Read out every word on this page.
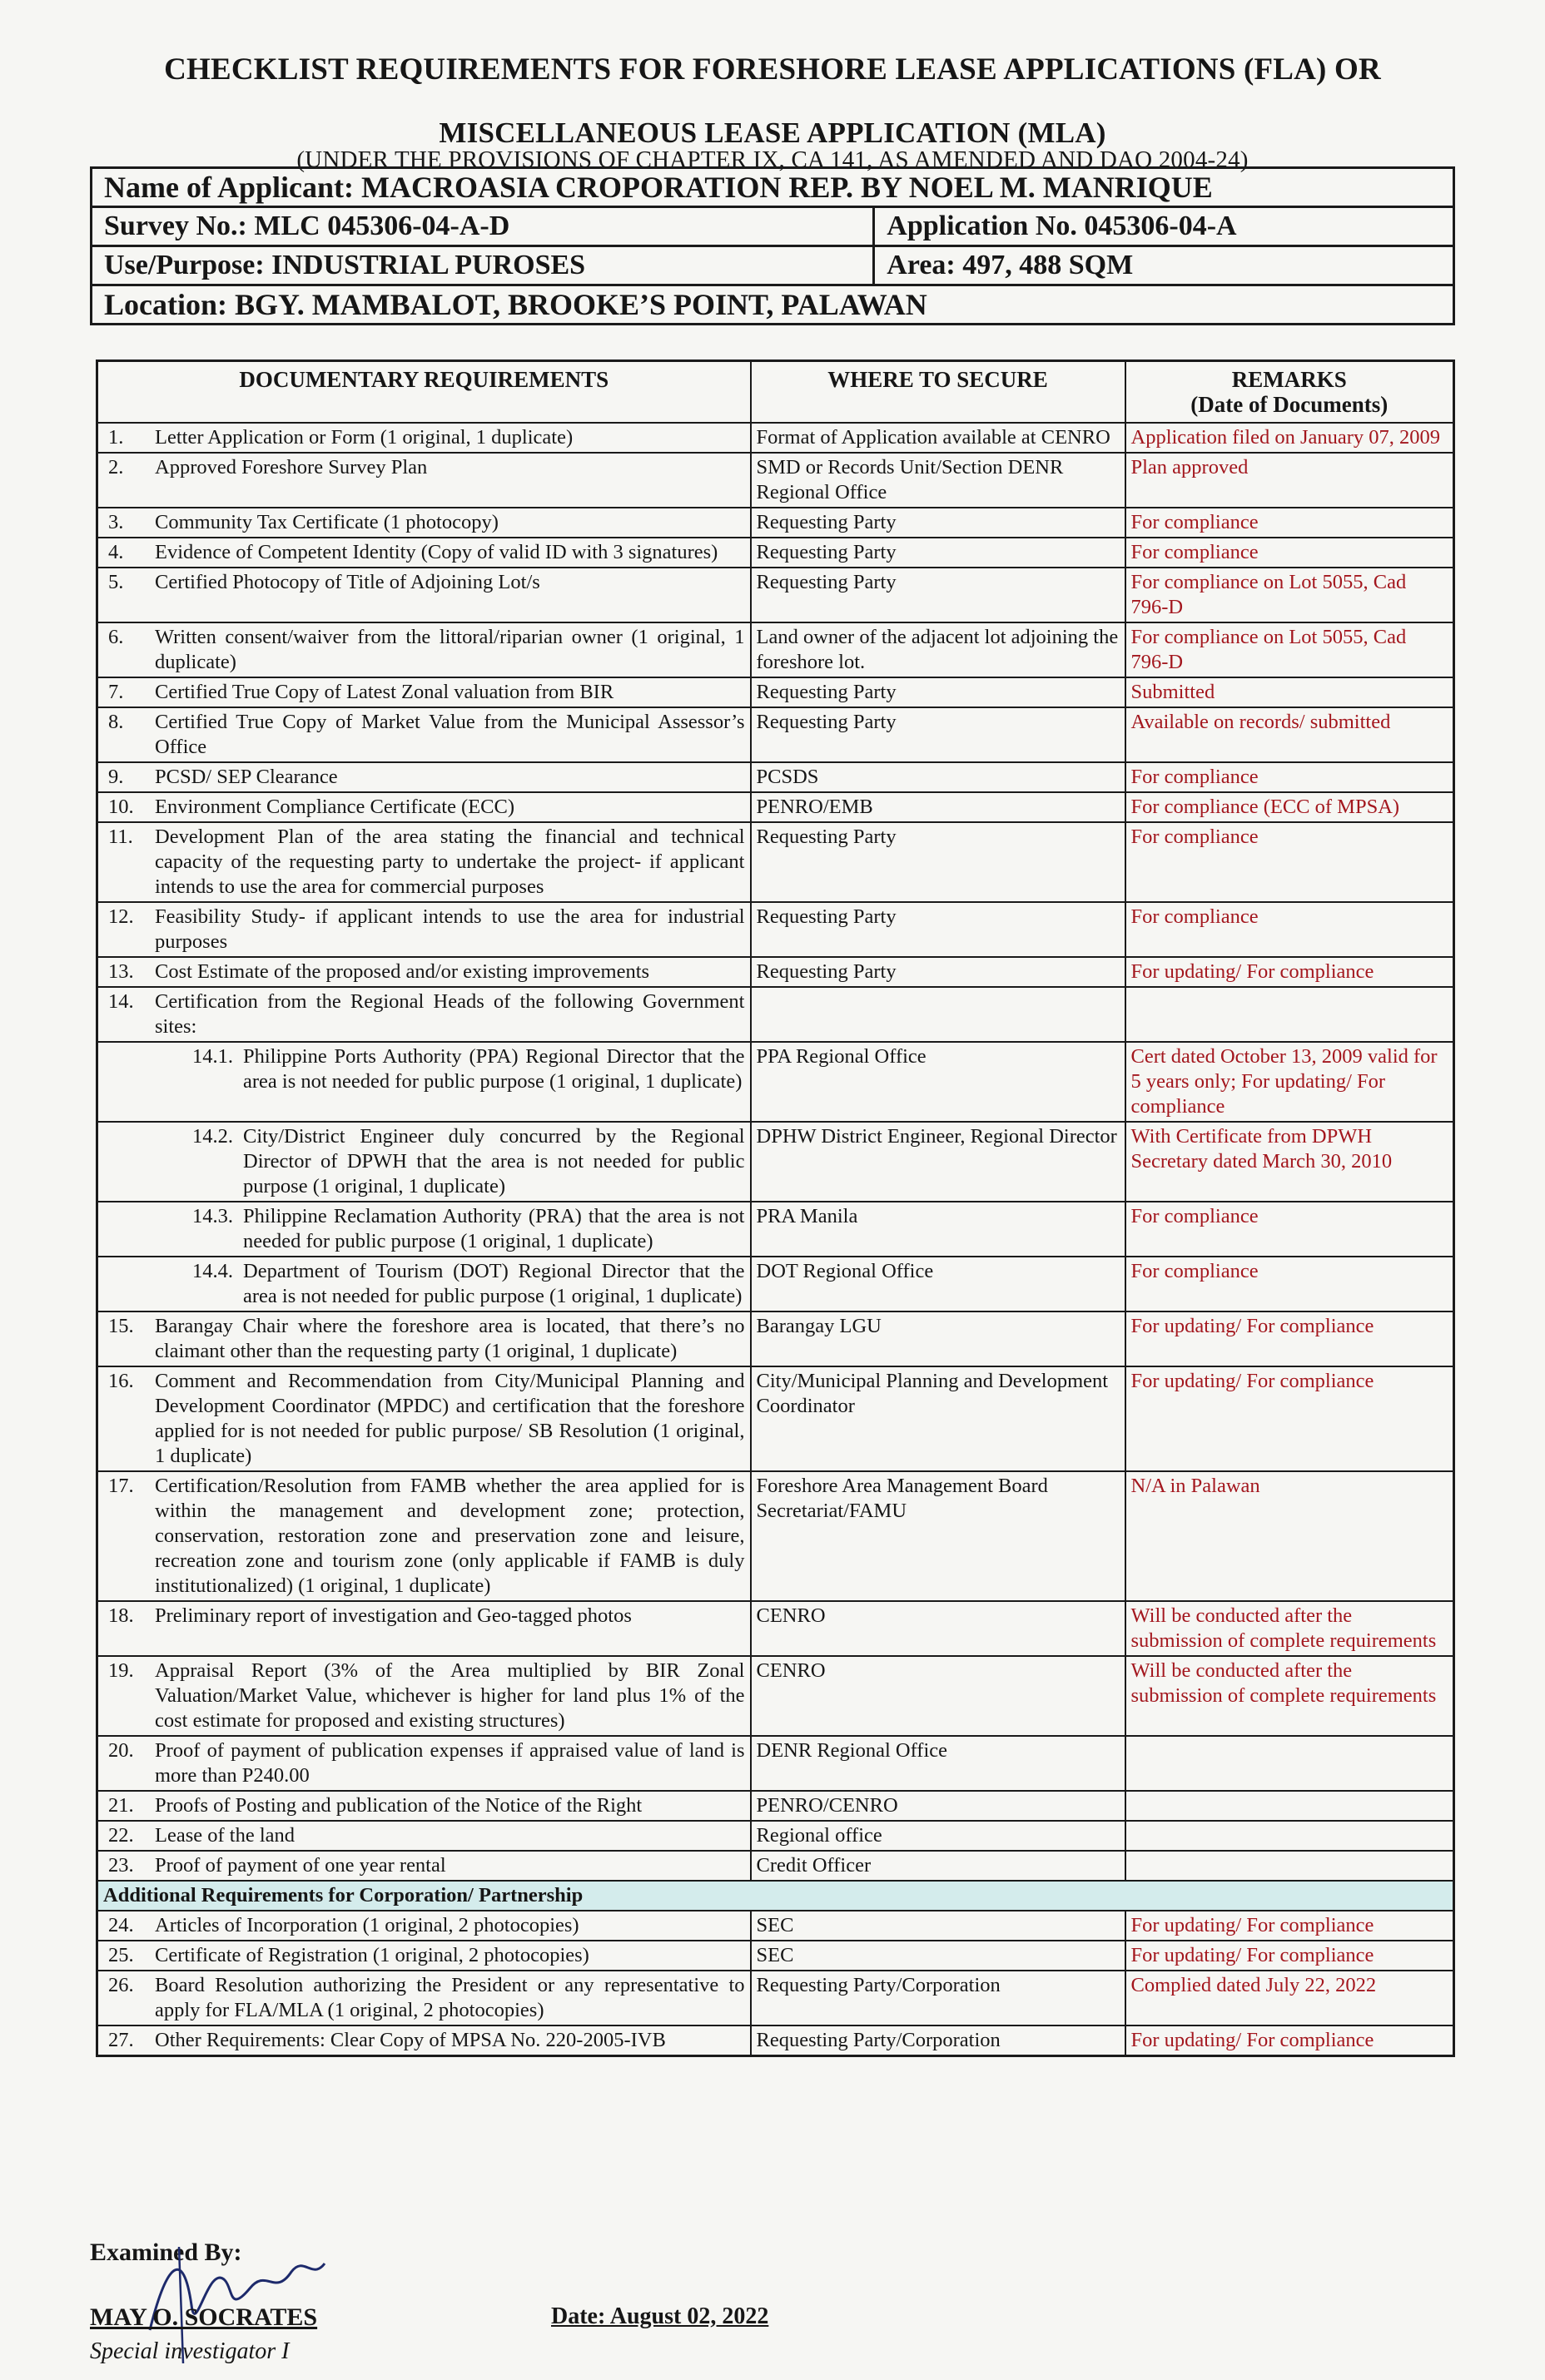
CHECKLIST REQUIREMENTS FOR FORESHORE LEASE APPLICATIONS (FLA) OR
MISCELLANEOUS LEASE APPLICATION (MLA)
(UNDER THE PROVISIONS OF CHAPTER IX, CA 141, AS AMENDED AND DAO 2004-24)
Name of Applicant: MACROASIA CROPORATION REP. BY NOEL M. MANRIQUE	
Survey No.: MLC 045306-04-A-D	Application No. 045306-04-A
Use/Purpose: INDUSTRIAL PUROSES	Area: 497, 488 SQM
Location: BGY. MAMBALOT, BROOKE’S POINT, PALAWAN	
DOCUMENTARY REQUIREMENTS	WHERE TO SECURE	REMARKS
(Date of Documents)

1. Letter Application or Form (1 original, 1 duplicate)	Format of Application available at CENRO	Application filed on January 07, 2009

2. Approved Foreshore Survey Plan	SMD or Records Unit/Section DENR Regional Office	Plan approved

3. Community Tax Certificate (1 photocopy)	Requesting Party	For compliance

4. Evidence of Competent Identity (Copy of valid ID with 3 signatures)	Requesting Party	For compliance

5. Certified Photocopy of Title of Adjoining Lot/s	Requesting Party	For compliance on Lot 5055, Cad 796-D

6. Written consent/waiver from the littoral/riparian owner (1 original, 1 duplicate)	Land owner of the adjacent lot adjoining the foreshore lot.	For compliance on Lot 5055, Cad 796-D

7. Certified True Copy of Latest Zonal valuation from BIR	Requesting Party	Submitted

8. Certified True Copy of Market Value from the Municipal Assessor’s Office	Requesting Party	Available on records/ submitted

9. PCSD/ SEP Clearance	PCSDS	For compliance

10. Environment Compliance Certificate (ECC)	PENRO/EMB	For compliance (ECC of MPSA)

11. Development Plan of the area stating the financial and technical capacity of the requesting party to undertake the project- if applicant intends to use the area for commercial purposes	Requesting Party	For compliance

12. Feasibility Study- if applicant intends to use the area for industrial purposes	Requesting Party	For compliance

13. Cost Estimate of the proposed and/or existing improvements	Requesting Party	For updating/ For compliance

14. Certification from the Regional Heads of the following Government sites:		

14.1. Philippine Ports Authority (PPA) Regional Director that the area is not needed for public purpose (1 original, 1 duplicate)	PPA Regional Office	Cert dated October 13, 2009 valid for 5 years only; For updating/ For compliance

14.2. City/District Engineer duly concurred by the Regional Director of DPWH that the area is not needed for public purpose (1 original, 1 duplicate)	DPHW District Engineer, Regional Director	With Certificate from DPWH Secretary dated March 30, 2010

14.3. Philippine Reclamation Authority (PRA) that the area is not needed for public purpose (1 original, 1 duplicate)	PRA Manila	For compliance

14.4. Department of Tourism (DOT) Regional Director that the area is not needed for public purpose (1 original, 1 duplicate)	DOT Regional Office	For compliance

15. Barangay Chair where the foreshore area is located, that there’s no claimant other than the requesting party (1 original, 1 duplicate)	Barangay LGU	For updating/ For compliance

16. Comment and Recommendation from City/Municipal Planning and Development Coordinator (MPDC) and certification that the foreshore applied for is not needed for public purpose/ SB Resolution (1 original, 1 duplicate)	City/Municipal Planning and Development Coordinator	For updating/ For compliance

17. Certification/Resolution from FAMB whether the area applied for is within the management and development zone; protection, conservation, restoration zone and preservation zone and leisure, recreation zone and tourism zone (only applicable if FAMB is duly institutionalized) (1 original, 1 duplicate)	Foreshore Area Management Board Secretariat/FAMU	N/A in Palawan

18. Preliminary report of investigation and Geo-tagged photos	CENRO	Will be conducted after the submission of complete requirements

19. Appraisal Report (3% of the Area multiplied by BIR Zonal Valuation/Market Value, whichever is higher for land plus 1% of the cost estimate for proposed and existing structures)	CENRO	Will be conducted after the submission of complete requirements

20. Proof of payment of publication expenses if appraised value of land is more than P240.00	DENR Regional Office	

21. Proofs of Posting and publication of the Notice of the Right	PENRO/CENRO	

22. Lease of the land	Regional office	

23. Proof of payment of one year rental	Credit Officer	
Additional Requirements for Corporation/ Partnership		

24. Articles of Incorporation (1 original, 2 photocopies)	SEC	For updating/ For compliance

25. Certificate of Registration (1 original, 2 photocopies)	SEC	For updating/ For compliance

26. Board Resolution authorizing the President or any representative to apply for FLA/MLA (1 original, 2 photocopies)	Requesting Party/Corporation	Complied dated July 22, 2022

27. Other Requirements: Clear Copy of MPSA No. 220-2005-IVB	Requesting Party/Corporation	For updating/ For compliance
Examined By:
MAY O. SOCRATES
Special investigator I
Date: August 02, 2022
